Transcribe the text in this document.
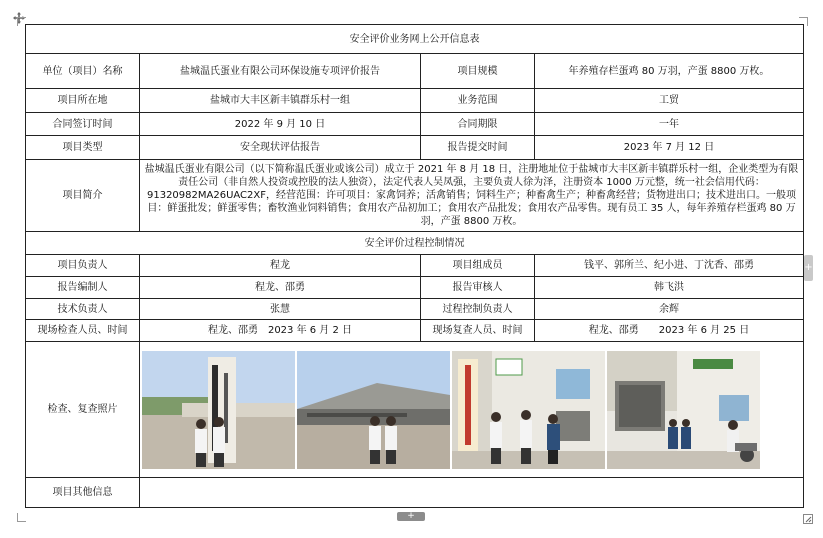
+
+
安全评价业务网上公开信息表			
单位（项目）名称	盐城温氏蛋业有限公司环保设施专项评价报告	项目规模	年养殖存栏蛋鸡 80 万羽，产蛋 8800 万枚。
项目所在地	盐城市大丰区新丰镇群乐村一组	业务范围	工贸
合同签订时间	2022 年 9 月 10 日	合同期限	一年
项目类型	安全现状评估报告	报告提交时间	2023 年 7 月 12 日
项目简介	盐城温氏蛋业有限公司（以下简称温氏蛋业或该公司）成立于 2021 年 8 月 18 日，注册地址位于盐城市大丰区新丰镇群乐村一组，企业类型为有限责任公司（非自然人投资或控股的法人独资），法定代表人吴凤强，主要负责人徐为泽，注册资本 1000 万元整，统一社会信用代码：91320982MA26UAC2XF，经营范围：许可项目：家禽饲养；活禽销售；饲料生产；种畜禽生产；种畜禽经营；货物进出口；技术进出口。一般项目：鲜蛋批发；鲜蛋零售；畜牧渔业饲料销售；食用农产品初加工；食用农产品批发；食用农产品零售。现有员工 35 人，每年养殖存栏蛋鸡 80 万羽，产蛋 8800 万枚。		
安全评价过程控制情况			
项目负责人	程龙	项目组成员	钱平、郭所兰、纪小进、丁沈香、邵勇
报告编制人	程龙、邵勇	报告审核人	韩飞洪
技术负责人	张慧	过程控制负责人	余辉
现场检查人员、时间	程龙、邵勇　2023 年 6 月 2 日	现场复查人员、时间	程龙、邵勇　　2023 年 6 月 25 日
检查、复查照片	

项目其他信息			
